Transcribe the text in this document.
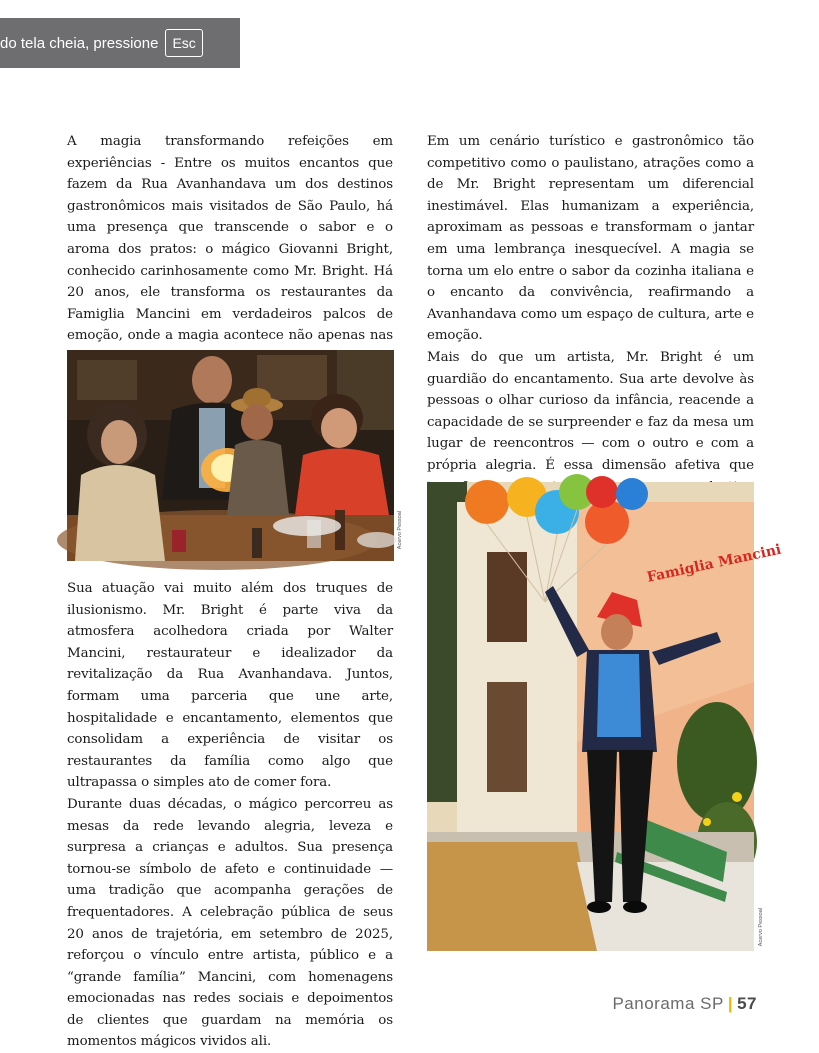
do tela cheia, pressione	Esc

A magia transformando refeições em experiências - Entre os muitos encantos que fazem da Rua Avanhandava um dos destinos gastronômicos mais visitados de São Paulo, há uma presença que transcende o sabor e o aroma dos pratos: o mágico Giovanni Bright, conhecido carinhosamente como Mr. Bright. Há 20 anos, ele transforma os restaurantes da Famiglia Mancini em verdadeiros palcos de emoção, onde a magia acontece não apenas nas

Acervo Pessoal

Sua atuação vai muito além dos truques de ilusionismo. Mr. Bright é parte viva da atmosfera acolhedora criada por Walter Mancini, restaurateur e idealizador da revitalização da Rua Avanhandava. Juntos, formam uma parceria que une arte, hospitalidade e encantamento, elementos que consolidam a experiência de visitar os restaurantes da família como algo que ultrapassa o simples ato de comer fora.

Durante duas décadas, o mágico percorreu as mesas da rede levando alegria, leveza e surpresa a crianças e adultos. Sua presença tornou-se símbolo de afeto e continuidade — uma tradição que acompanha gerações de frequentadores. A celebração pública de seus 20 anos de trajetória, em setembro de 2025, reforçou o vínculo entre artista, público e a “grande família” Mancini, com homenagens emocionadas nas redes sociais e depoimentos de clientes que guardam na memória os momentos mágicos vividos ali.

Em um cenário turístico e gastronômico tão competitivo como o paulistano, atrações como a de Mr. Bright representam um diferencial inestimável. Elas humanizam a experiência, aproximam as pessoas e transformam o jantar em uma lembrança inesquecível. A magia se torna um elo entre o sabor da cozinha italiana e o encanto da convivência, reafirmando a Avanhandava como um espaço de cultura, arte e emoção.

Mais do que um artista, Mr. Bright é um guardião do encantamento. Sua arte devolve às pessoas o olhar curioso da infância, reacende a capacidade de se surpreender e faz da mesa um lugar de reencontros — com o outro e com a própria alegria. É essa dimensão afetiva que

Famiglia Mancini
Acervo Pessoal
Panorama SP | 57
